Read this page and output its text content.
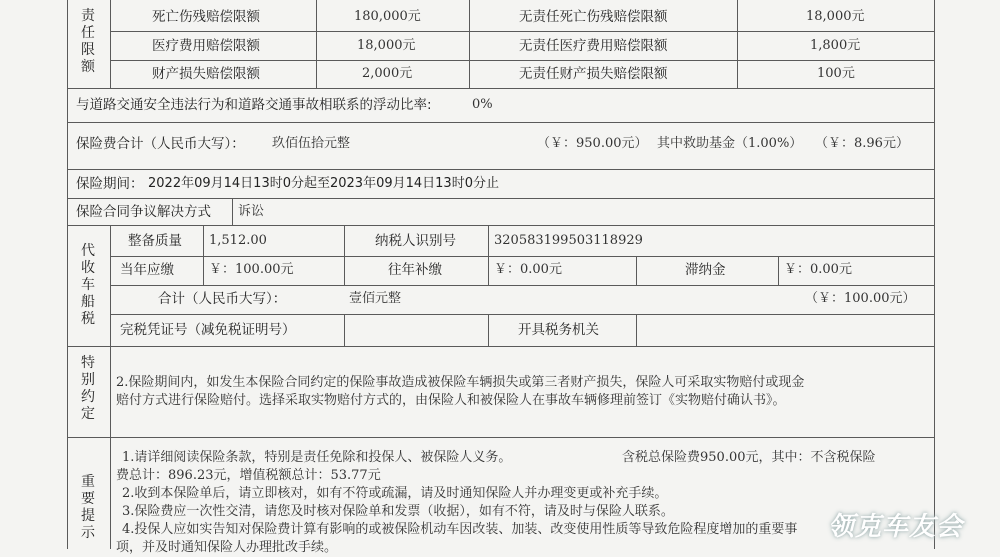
责
任
限
额
死亡伤残赔偿限额	180,000元	无责任死亡伤残赔偿限额	18,000元
医疗费用赔偿限额	18,000元	无责任医疗费用赔偿限额	1,800元
财产损失赔偿限额	2,000元	无责任财产损失赔偿限额	100元
与道路交通安全违法行为和道路交通事故相联系的浮动比率:	0%
保险费合计（人民币大写）： 玖佰伍拾元整	（￥：950.00元） 其中救助基金（1.00%） （￥：8.96元）
保险期间： 2022年09月14日13时0分起至2023年09月14日13时0分止
保险合同争议解决方式 诉讼
代
收
车
船
税
整备质量 1,512.00	纳税人识别号	320583199503118929
当年应缴	￥：100.00元	往年补缴	￥：0.00元	滞纳金	￥：0.00元
合计（人民币大写）：	壹佰元整	（￥：100.00元）
完税凭证号（减免税证明号）	开具税务机关
特
别
约
定
2.保险期间内，如发生本保险合同约定的保险事故造成被保险车辆损失或第三者财产损失，保险人可采取实物赔付或现金
赔付方式进行保险赔付。选择采取实物赔付方式的，由保险人和被保险人在事故车辆修理前签订《实物赔付确认书》。
重
要
提
示
1.请详细阅读保险条款，特别是责任免除和投保人、被保险人义务。	含税总保险费950.00元，其中：不含税保险
费总计：896.23元，增值税额总计：53.77元
2.收到本保险单后，请立即核对，如有不符或疏漏，请及时通知保险人并办理变更或补充手续。
3.保险费应一次性交清，请您及时核对保险单和发票（收据），如有不符，请及时与保险人联系。
4.投保人应如实告知对保险费计算有影响的或被保险机动车因改装、加装、改变使用性质等导致危险程度增加的重要事
项，并及时通知保险人办理批改手续。
领克车友会
